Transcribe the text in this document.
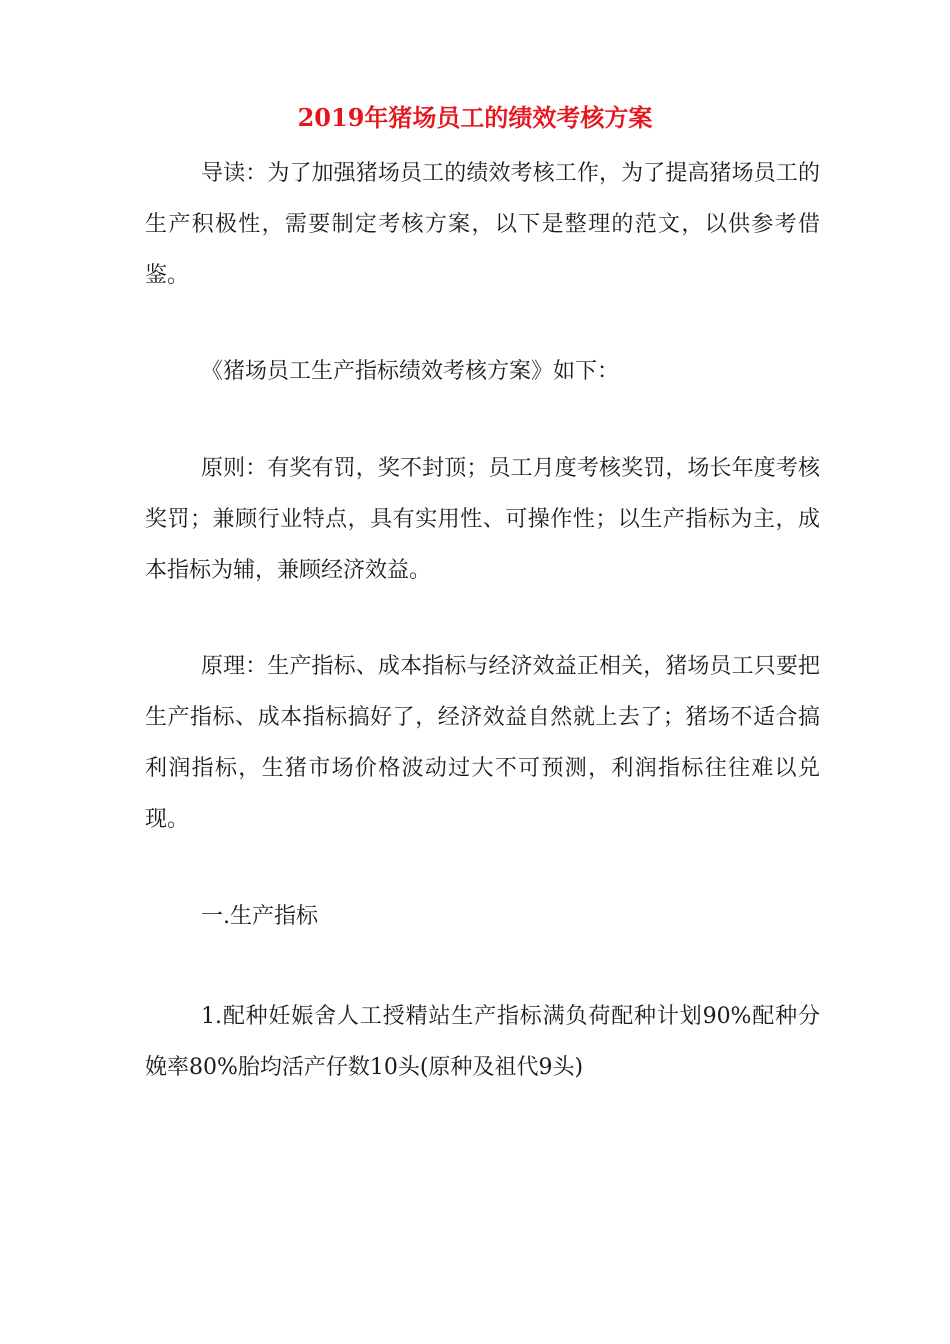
2019年猪场员工的绩效考核方案

导读：为了加强猪场员工的绩效考核工作，为了提高猪场员工的生产积极性，需要制定考核方案，以下是整理的范文，以供参考借鉴。

《猪场员工生产指标绩效考核方案》如下：

原则：有奖有罚，奖不封顶；员工月度考核奖罚，场长年度考核奖罚；兼顾行业特点，具有实用性、可操作性；以生产指标为主，成本指标为辅，兼顾经济效益。

原理：生产指标、成本指标与经济效益正相关，猪场员工只要把生产指标、成本指标搞好了，经济效益自然就上去了；猪场不适合搞利润指标，生猪市场价格波动过大不可预测，利润指标往往难以兑现。

一.生产指标

1.配种妊娠舍人工授精站生产指标满负荷配种计划90%配种分娩率80%胎均活产仔数10头(原种及祖代9头)
